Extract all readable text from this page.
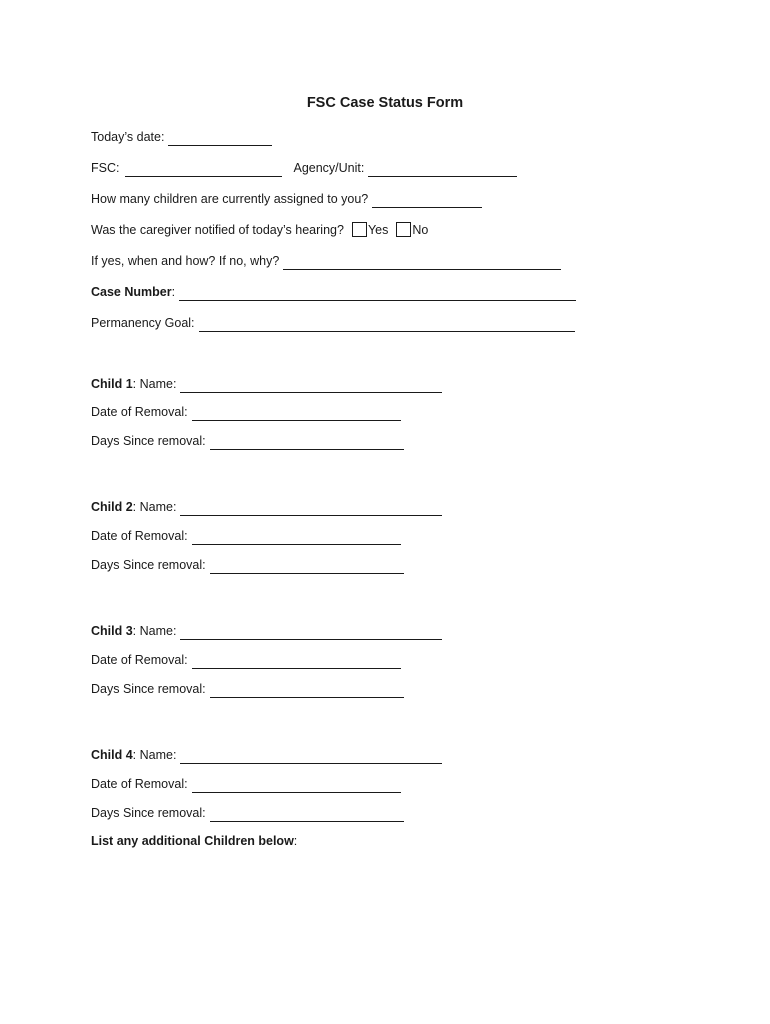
FSC Case Status Form
Today’s date:
FSC:	Agency/Unit:
How many children are currently assigned to you?
Was the caregiver notified of today’s hearing? Yes No
If yes, when and how? If no, why?
Case Number :
Permanency Goal:
Child 1 : Name:
Date of Removal:
Days Since removal:
Child 2 : Name:
Date of Removal:
Days Since removal:
Child 3 : Name:
Date of Removal:
Days Since removal:
Child 4 : Name:
Date of Removal:
Days Since removal:
List any additional Children below :
